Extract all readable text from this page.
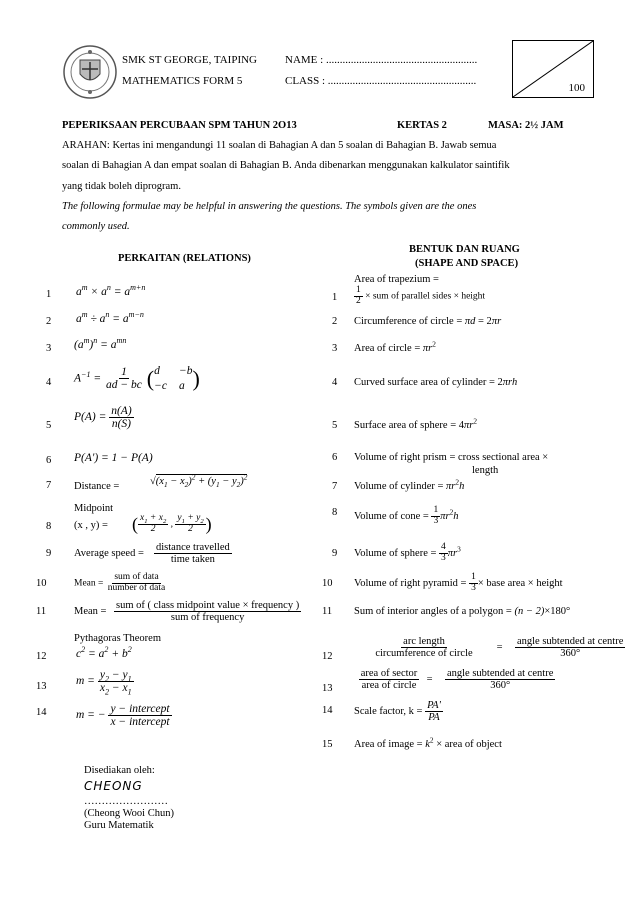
SMK ST GEORGE, TAIPING
MATHEMATICS FORM 5
NAME : .......................................................
CLASS : ......................................................
100
PEPERIKSAAN PERCUBAAN SPM TAHUN 2O13	KERTAS 2	MASA: 2½ JAM
ARAHAN: Kertas ini mengandungi 11 soalan di Bahagian A dan 5 soalan di Bahagian B. Jawab semua
soalan di Bahagian A dan empat soalan di Bahagian B. Anda dibenarkan menggunakan kalkulator saintifik
yang tidak boleh diprogram.
The following formulae may be helpful in answering the questions. The symbols given are the ones
commonly used.
PERKAITAN (RELATIONS)
BENTUK DAN RUANG
(SHAPE AND SPACE)
1 $a^m \times a^n = a^{m+n}$
2 $a^m \div a^n = a^{m-n}$
3 $(a^m)^n = a^{mn}$
4 $A^{-1} = \frac{1}{ad - bc}$ ( d	−b
−c a )
5
$P(A) = \frac{n(A)}{n(S)}$
6 P(A') = 1 − P(A)
7 Distance =	$√(x_1 - x_2)^2 + (y_1 - y_2)^2$
Midpoint
8 (x , y) = ( $\frac{x_1 + x_2}{2}$ , $\frac{y_1 + y_2}{2}$ )
9 Average speed = $\frac{\text{distance travelled}}{\text{time taken}}$
10	Mean = $\frac{\text{sum of data}}{\text{number of data}}$
11	Mean = $\frac{\text{sum of ( class midpoint value × frequency )}}{\text{sum of frequency}}$
Pythagoras Theorem
12	$c^2 = a^2 + b^2$
13	$m = \frac{y_2 - y_1}{x_2 - x_1}$
14	m = − $\frac{\text{y − intercept}}{\text{x − intercept}}$
Area of trapezium =
$1 \frac{1}{2}$ × sum of parallel sides × height
2 Circumference of circle = πd = 2πr
3 Area of circle = $\pi r^2$
4 Curved surface area of cylinder = 2πrh
5 Surface area of sphere = $4\pi r^2$
6 Volume of right prism = cross sectional area ×
length
7 Volume of cylinder = $\pi r^2h$
8 Volume of cone = $\frac{1}{3} \pi r^2h$
9 Volume of sphere = $\frac{4}{3} \pi r^3$
10 Volume of right pyramid = $\frac{1}{3}$ × base area × height
11 Sum of interior angles of a polygon = (n − 2)×180°
$12 \frac{\text{arc length}}{\text{circumference of circle}} = \frac{\text{angle subtended at centre}}{360^\circ}$
$13 \frac{\text{area of sector}}{\text{area of circle}} = \frac{\text{angle subtended at centre}}{360^\circ}$
14 Scale factor, $k = \frac{PA'}{PA}$
15 Area of image = $k^2$ × area of object
Disediakan oleh:
CHEONG
……………………
(Cheong Wooi Chun)
Guru Matematik
